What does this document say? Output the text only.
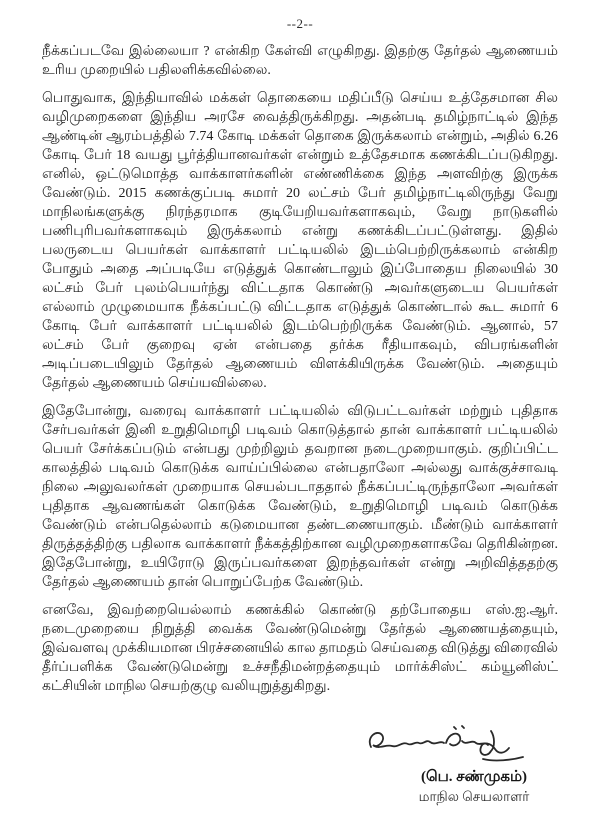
--2--

நீக்கப்படவே இல்லையா ? என்கிற கேள்வி எழுகிறது. இதற்கு தேர்தல் ஆணையம் உரிய முறையில் பதிலளிக்கவில்லை.

பொதுவாக, இந்தியாவில் மக்கள் தொகையை மதிப்பீடு செய்ய உத்தேசமான சில வழிமுறைகளை இந்திய அரசே வைத்திருக்கிறது. அதன்படி தமிழ்நாட்டில் இந்த ஆண்டின் ஆரம்பத்தில் 7.74 கோடி மக்கள் தொகை இருக்கலாம் என்றும், அதில் 6.26 கோடி பேர் 18 வயது பூர்த்தியானவர்கள் என்றும் உத்தேசமாக கணக்கிடப்படுகிறது. எனில், ஒட்டுமொத்த வாக்காளர்களின் எண்ணிக்கை இந்த அளவிற்கு இருக்க வேண்டும். 2015 கணக்குப்படி சுமார் 20 லட்சம் பேர் தமிழ்நாட்டிலிருந்து வேறு மாநிலங்களுக்கு நிரந்தரமாக குடியேறியவர்களாகவும், வேறு நாடுகளில் பணிபுரிபவர்களாகவும் இருக்கலாம் என்று கணக்கிடப்பட்டுள்ளது. இதில் பலருடைய பெயர்கள் வாக்காளர் பட்டியலில் இடம்பெற்றிருக்கலாம் என்கிற போதும் அதை அப்படியே எடுத்துக் கொண்டாலும் இப்போதைய நிலையில் 30 லட்சம் பேர் புலம்பெயர்ந்து விட்டதாக கொண்டு அவர்களுடைய பெயர்கள் எல்லாம் முழுமையாக நீக்கப்பட்டு விட்டதாக எடுத்துக் கொண்டால் கூட சுமார் 6 கோடி பேர் வாக்காளர் பட்டியலில் இடம்பெற்றிருக்க வேண்டும். ஆனால், 57 லட்சம் பேர் குறைவு ஏன் என்பதை தர்க்க ரீதியாகவும், விபரங்களின் அடிப்படையிலும் தேர்தல் ஆணையம் விளக்கியிருக்க வேண்டும். அதையும் தேர்தல் ஆணையம் செய்யவில்லை.

இதேபோன்று, வரைவு வாக்காளர் பட்டியலில் விடுபட்டவர்கள் மற்றும் புதிதாக சேர்பவர்கள் இனி உறுதிமொழி படிவம் கொடுத்தால் தான் வாக்காளர் பட்டியலில் பெயர் சேர்க்கப்படும் என்பது முற்றிலும் தவறான நடைமுறையாகும். குறிப்பிட்ட காலத்தில் படிவம் கொடுக்க வாய்ப்பில்லை என்பதாலோ அல்லது வாக்குச்சாவடி நிலை அலுவலர்கள் முறையாக செயல்படாததால் நீக்கப்பட்டிருந்தாலோ அவர்கள் புதிதாக ஆவணங்கள் கொடுக்க வேண்டும், உறுதிமொழி படிவம் கொடுக்க வேண்டும் என்பதெல்லாம் கடுமையான தண்டணையாகும். மீண்டும் வாக்காளர் திருத்தத்திற்கு பதிலாக வாக்காளர் நீக்கத்திற்கான வழிமுறைகளாகவே தெரிகின்றன. இதேபோன்று, உயிரோடு இருப்பவர்களை இறந்தவர்கள் என்று அறிவித்ததற்கு தேர்தல் ஆணையம் தான் பொறுப்பேற்க வேண்டும்.

எனவே, இவற்றையெல்லாம் கணக்கில் கொண்டு தற்போதைய எஸ்.ஐ.ஆர். நடைமுறையை நிறுத்தி வைக்க வேண்டுமென்று தேர்தல் ஆணையத்தையும், இவ்வளவு முக்கியமான பிரச்சனையில் கால தாமதம் செய்வதை விடுத்து விரைவில் தீர்ப்பளிக்க வேண்டுமென்று உச்சநீதிமன்றத்தையும் மார்க்சிஸ்ட் கம்யூனிஸ்ட் கட்சியின் மாநில செயற்குழு வலியுறுத்துகிறது.

(பெ. சண்முகம்)
மாநில செயலாளர்
